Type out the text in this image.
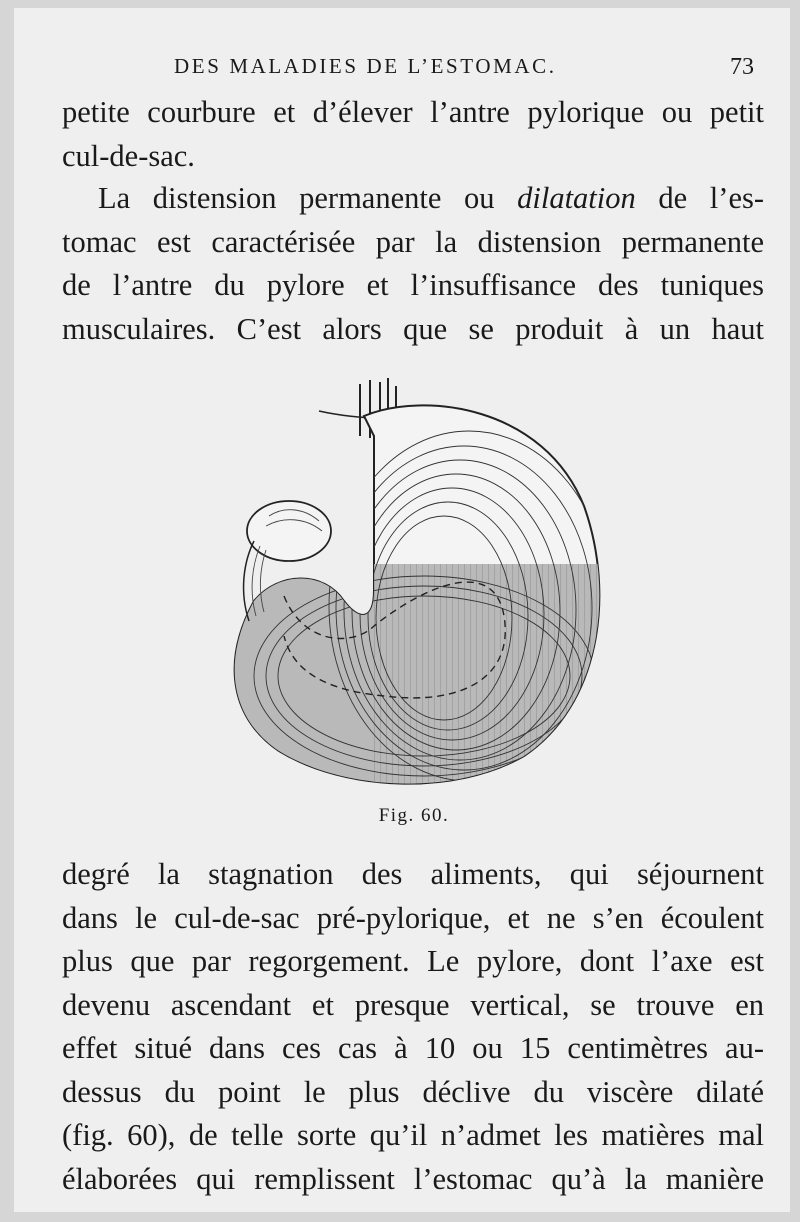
DES MALADIES DE L’ESTOMAC.	73
petite courbure et d’élever l’antre pylorique ou petit
cul-de-sac.
La distension permanente ou dilatation de l’es-
tomac est caractérisée par la distension permanente
de l’antre du pylore et l’insuffisance des tuniques
musculaires. C’est alors que se produit à un haut
Fig. 60.
degré la stagnation des aliments, qui séjournent
dans le cul-de-sac pré-pylorique, et ne s’en écoulent
plus que par regorgement. Le pylore, dont l’axe est
devenu ascendant et presque vertical, se trouve en
effet situé dans ces cas à 10 ou 15 centimètres au-
dessus du point le plus déclive du viscère dilaté
(fig. 60), de telle sorte qu’il n’admet les matières mal
élaborées qui remplissent l’estomac qu’à la manière
